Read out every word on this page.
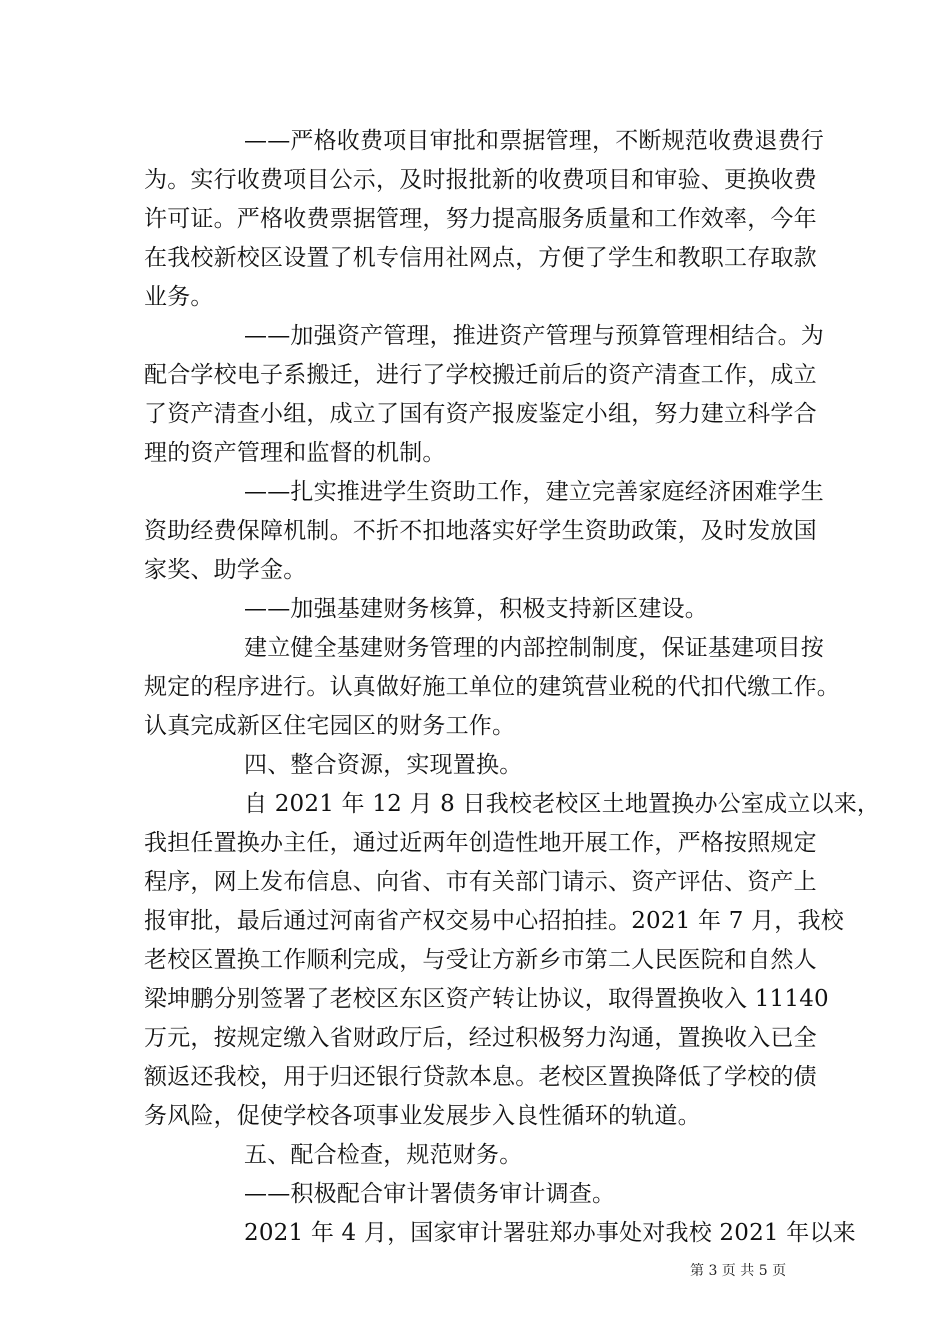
——严格收费项目审批和票据管理，不断规范收费退费行
为。实行收费项目公示，及时报批新的收费项目和审验、更换收费
许可证。严格收费票据管理，努力提高服务质量和工作效率，今年
在我校新校区设置了机专信用社网点，方便了学生和教职工存取款
业务。
——加强资产管理，推进资产管理与预算管理相结合。为
配合学校电子系搬迁，进行了学校搬迁前后的资产清查工作，成立
了资产清查小组，成立了国有资产报废鉴定小组，努力建立科学合
理的资产管理和监督的机制。
——扎实推进学生资助工作，建立完善家庭经济困难学生
资助经费保障机制。不折不扣地落实好学生资助政策，及时发放国
家奖、助学金。
——加强基建财务核算，积极支持新区建设。
建立健全基建财务管理的内部控制制度，保证基建项目按
规定的程序进行。认真做好施工单位的建筑营业税的代扣代缴工作。
认真完成新区住宅园区的财务工作。
四、整合资源，实现置换。
自 2021 年 12 月 8 日我校老校区土地置换办公室成立以来，
我担任置换办主任，通过近两年创造性地开展工作，严格按照规定
程序，网上发布信息、向省、市有关部门请示、资产评估、资产上
报审批，最后通过河南省产权交易中心招拍挂。2021 年 7 月，我校
老校区置换工作顺利完成，与受让方新乡市第二人民医院和自然人
梁坤鹏分别签署了老校区东区资产转让协议，取得置换收入 11140
万元，按规定缴入省财政厅后，经过积极努力沟通，置换收入已全
额返还我校，用于归还银行贷款本息。老校区置换降低了学校的债
务风险，促使学校各项事业发展步入良性循环的轨道。
五、配合检查，规范财务。
——积极配合审计署债务审计调查。
2021 年 4 月，国家审计署驻郑办事处对我校 2021 年以来
第 3 页 共 5 页
